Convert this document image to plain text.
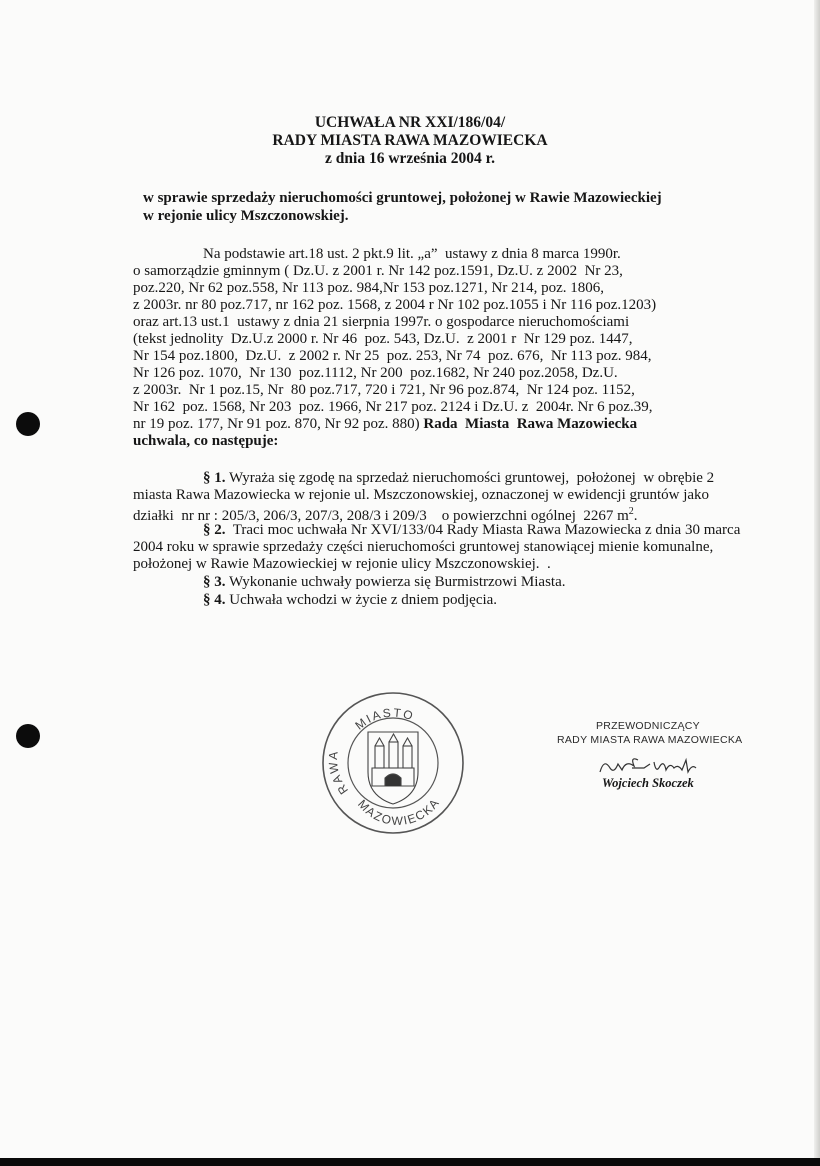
UCHWAŁA NR XXI/186/04/
RADY MIASTA RAWA MAZOWIECKA
z dnia 16 września 2004 r.
w sprawie sprzedaży nieruchomości gruntowej, położonej w Rawie Mazowieckiej
w rejonie ulicy Mszczonowskiej.
Na podstawie art.18 ust. 2 pkt.9 lit. „a”  ustawy z dnia 8 marca 1990r.
o samorządzie gminnym ( Dz.U. z 2001 r. Nr 142 poz.1591, Dz.U. z 2002  Nr 23,
poz.220, Nr 62 poz.558, Nr 113 poz. 984,Nr 153 poz.1271, Nr 214, poz. 1806,
z 2003r. nr 80 poz.717, nr 162 poz. 1568, z 2004 r Nr 102 poz.1055 i Nr 116 poz.1203)
oraz art.13 ust.1  ustawy z dnia 21 sierpnia 1997r. o gospodarce nieruchomościami
(tekst jednolity  Dz.U.z 2000 r. Nr 46  poz. 543, Dz.U.  z 2001 r  Nr 129 poz. 1447,
Nr 154 poz.1800,  Dz.U.  z 2002 r. Nr 25  poz. 253, Nr 74  poz. 676,  Nr 113 poz. 984,
Nr 126 poz. 1070,  Nr 130  poz.1112, Nr 200  poz.1682, Nr 240 poz.2058, Dz.U.
z 2003r.  Nr 1 poz.15, Nr  80 poz.717, 720 i 721, Nr 96 poz.874,  Nr 124 poz. 1152,
Nr 162  poz. 1568, Nr 203  poz. 1966, Nr 217 poz. 2124 i Dz.U. z  2004r. Nr 6 poz.39,
nr 19 poz. 177, Nr 91 poz. 870, Nr 92 poz. 880) Rada  Miasta  Rawa Mazowiecka
uchwala, co następuje:
§ 1. Wyraża się zgodę na sprzedaż nieruchomości gruntowej,  położonej  w obrębie 2
miasta Rawa Mazowiecka w rejonie ul. Mszczonowskiej, oznaczonej w ewidencji gruntów jako
działki  nr nr : 205/3, 206/3, 207/3, 208/3 i 209/3    o powierzchni ogólnej  2267 $m^2$.
§ 2.  Traci moc uchwała Nr XVI/133/04 Rady Miasta Rawa Mazowiecka z dnia 30 marca
2004 roku w sprawie sprzedaży części nieruchomości gruntowej stanowiącej mienie komunalne,
położonej w Rawie Mazowieckiej w rejonie ulicy Mszczonowskiej.  .
§ 3. Wykonanie uchwały powierza się Burmistrzowi Miasta.
§ 4. Uchwała wchodzi w życie z dniem podjęcia.
MIASTO
RAWA
MAZOWIECKA
PRZEWODNICZĄCY
RADY MIASTA RAWA MAZOWIECKA
Wojciech Skoczek
